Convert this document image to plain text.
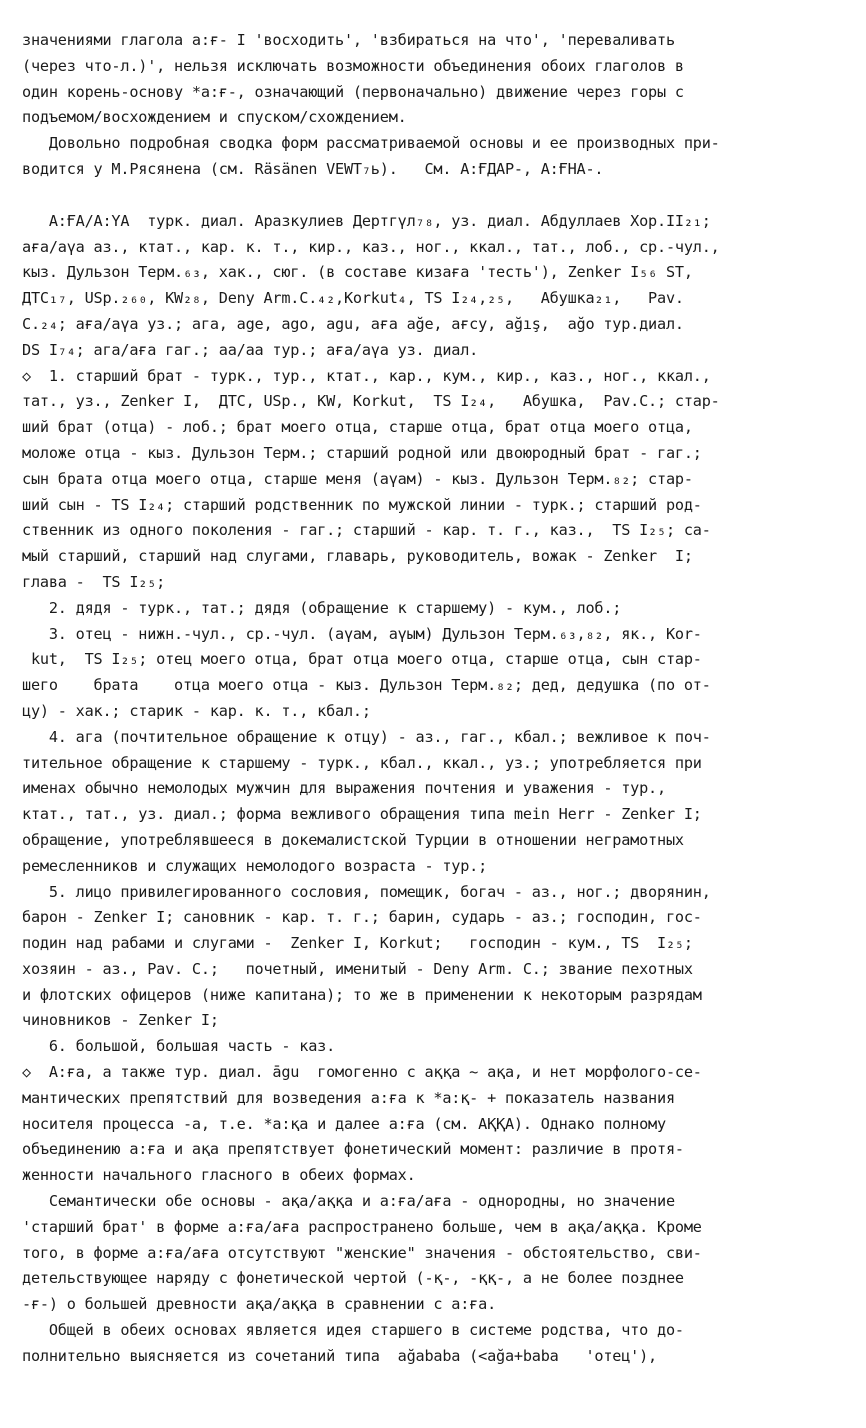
значениями глагола а:ғ- I 'восходить', 'взбираться на что', 'переваливать
(через что-л.)', нельзя исключать возможности объединения обоих глаголов в
один корень-основу *а:ғ-, означающий (первоначально) движение через горы с
подъемом/восхождением и спуском/схождением.
Довольно подробная сводка форм рассматриваемой основы и ее производных при-
водится у М.Рясянена (см. Räsänen VEWT₇ь).   См. А:ҒДАР-, А:ҒНА-.
А:ҒА/А:ҮА  турк. диал. Аразкулиев Дертгүл₇₈, уз. диал. Абдуллаев Хор.II₂₁;
аға/аүа аз., ктат., кар. к. т., кир., каз., ног., ккал., тат., лоб., ср.-чул.,
кыз. Дульзон Терм.₆₃, хак., сюг. (в составе кизаға 'тесть'), Zenker I₅₆ ST,
ДТС₁₇, USp.₂₆₀, KW₂₈, Deny Arm.C.₄₂,Korkut₄, TS I₂₄,₂₅,   Абушка₂₁,   Pav.
C.₂₄; аға/аүа уз.; ага, age, ago, agu, аға аğе, ағсу, ağış,  ağo тур.диал.
DS I₇₄; ага/ағa гаг.; аа/аа тур.; аға/аүа уз. диал.
◇  1. старший брат - турк., тур., ктат., кар., кум., кир., каз., ног., ккал.,
тат., уз., Zenker I,  ДТС, USp., KW, Korkut,  TS I₂₄,   Абушка,  Pav.C.; стар-
ший брат (отца) - лоб.; брат моего отца, старше отца, брат отца моего отца,
моложе отца - кыз. Дульзон Терм.; старший родной или двоюродный брат - гаг.;
сын брата отца моего отца, старше меня (аүам) - кыз. Дульзон Терм.₈₂; стар-
ший сын - TS I₂₄; старший родственник по мужской линии - турк.; старший род-
ственник из одного поколения - гаг.; старший - кар. т. г., каз.,  TS I₂₅; са-
мый старший, старший над слугами, главарь, руководитель, вожак - Zenker  I;
глава -  TS I₂₅;
2. дядя - турк., тат.; дядя (обращение к старшему) - кум., лоб.;
3. отец - нижн.-чул., ср.-чул. (аүам, аүым) Дульзон Терм.₆₃,₈₂, як., Kor-
kut,  TS I₂₅; отец моего отца, брат отца моего отца, старше отца, сын стар-
шего    брата    отца моего отца - кыз. Дульзон Терм.₈₂; дед, дедушка (по от-
цу) - хак.; старик - кар. к. т., кбал.;
4. ага (почтительное обращение к отцу) - аз., гаг., кбал.; вежливое к поч-
тительное обращение к старшему - турк., кбал., ккал., уз.; употребляется при
именах обычно немолодых мужчин для выражения почтения и уважения - тур.,
ктат., тат., уз. диал.; форма вежливого обращения типа mein Herr - Zenker I;
обращение, употреблявшееся в докемалистской Турции в отношении неграмотных
ремесленников и служащих немолодого возраста - тур.;
5. лицо привилегированного сословия, помещик, богач - аз., ног.; дворянин,
барон - Zenker I; сановник - кар. т. г.; барин, сударь - аз.; господин, гос-
подин над рабами и слугами -  Zenker I, Korkut;   господин - кум., TS  I₂₅;
хозяин - аз., Pav. C.;   почетный, именитый - Deny Arm. C.; звание пехотных
и флотских офицеров (ниже капитана); то же в применении к некоторым разрядам
чиновников - Zenker I;
6. большой, большая часть - каз.
◇  А:ғa, а также тур. диал. āgu  гомогенно с аққа ~ ақа, и нет морфолого-се-
мантических препятствий для возведения а:ға к *а:қ- + показатель названия
носителя процесса -а, т.е. *а:қа и далее а:ға (см. АҚҚА). Однако полному
объединению а:ға и ақа препятствует фонетический момент: различие в протя-
женности начального гласного в обеих формах.
Семантически обе основы - ақа/аққа и а:ға/аға - однородны, но значение
'старший брат' в форме а:ға/аға распространено больше, чем в ақа/аққа. Кроме
того, в форме а:ға/аға отсутствуют "женские" значения - обстоятельство, сви-
детельствующее наряду с фонетической чертой (-қ-, -ққ-, а не более позднее
-ғ-) о большей древности ақа/аққа в сравнении с а:ға.
Общей в обеих основах является идея старшего в системе родства, что до-
полнительно выясняется из сочетаний типа  ağababa (<аğа+baba   'отец'),
